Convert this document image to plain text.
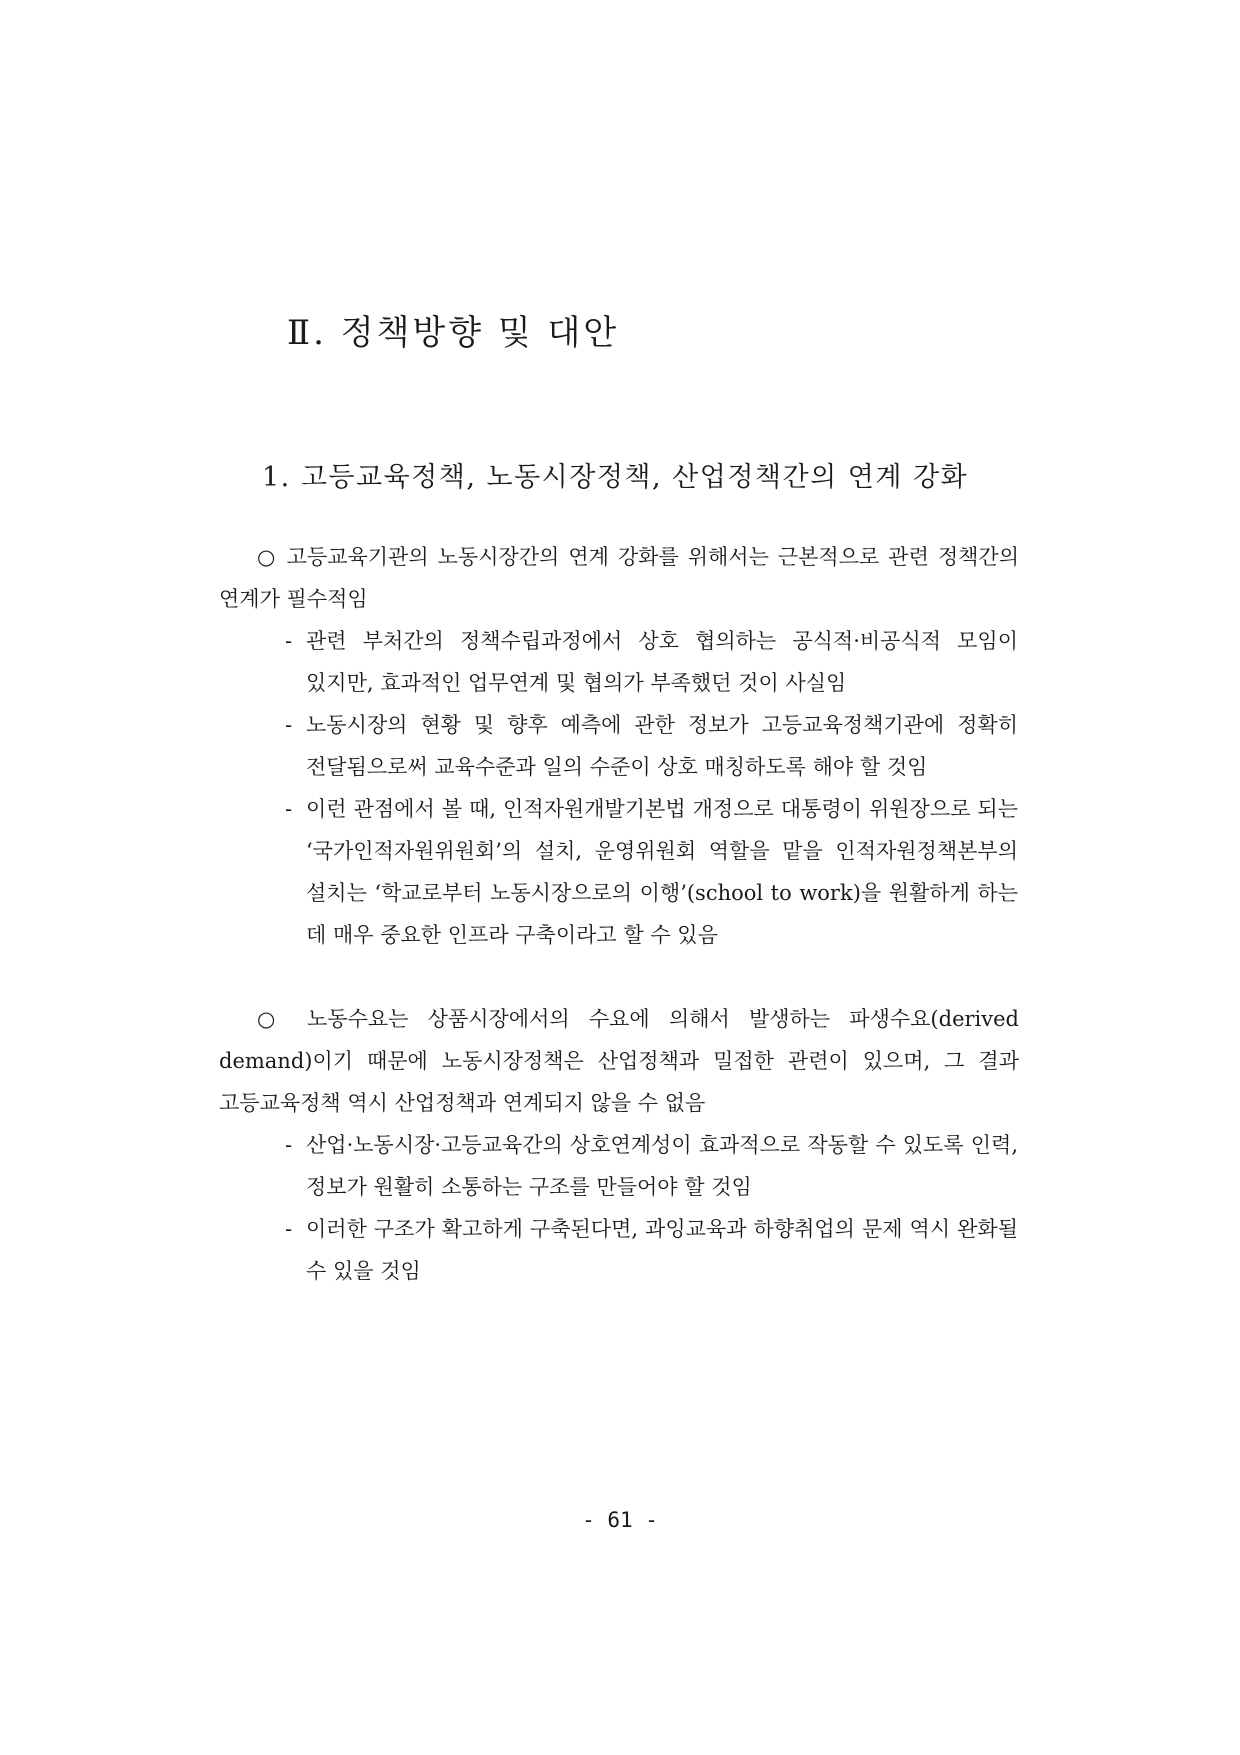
Ⅱ. 정책방향 및 대안
1. 고등교육정책, 노동시장정책, 산업정책간의 연계 강화

○ 고등교육기관의 노동시장간의 연계 강화를 위해서는 근본적으로 관련 정책간의 연계가 필수적임

- 관련 부처간의 정책수립과정에서 상호 협의하는 공식적·비공식적 모임이 있지만, 효과적인 업무연계 및 협의가 부족했던 것이 사실임
- 노동시장의 현황 및 향후 예측에 관한 정보가 고등교육정책기관에 정확히 전달됨으로써 교육수준과 일의 수준이 상호 매칭하도록 해야 할 것임
- 이런 관점에서 볼 때, 인적자원개발기본법 개정으로 대통령이 위원장으로 되는 ‘국가인적자원위원회’의 설치, 운영위원회 역할을 맡을 인적자원정책본부의 설치는 ‘학교로부터 노동시장으로의 이행’(school to work)을 원활하게 하는 데 매우 중요한 인프라 구축이라고 할 수 있음

○ 노동수요는 상품시장에서의 수요에 의해서 발생하는 파생수요(derived demand)이기 때문에 노동시장정책은 산업정책과 밀접한 관련이 있으며, 그 결과 고등교육정책 역시 산업정책과 연계되지 않을 수 없음

- 산업·노동시장·고등교육간의 상호연계성이 효과적으로 작동할 수 있도록 인력, 정보가 원활히 소통하는 구조를 만들어야 할 것임
- 이러한 구조가 확고하게 구축된다면, 과잉교육과 하향취업의 문제 역시 완화될 수 있을 것임
- 61 -
